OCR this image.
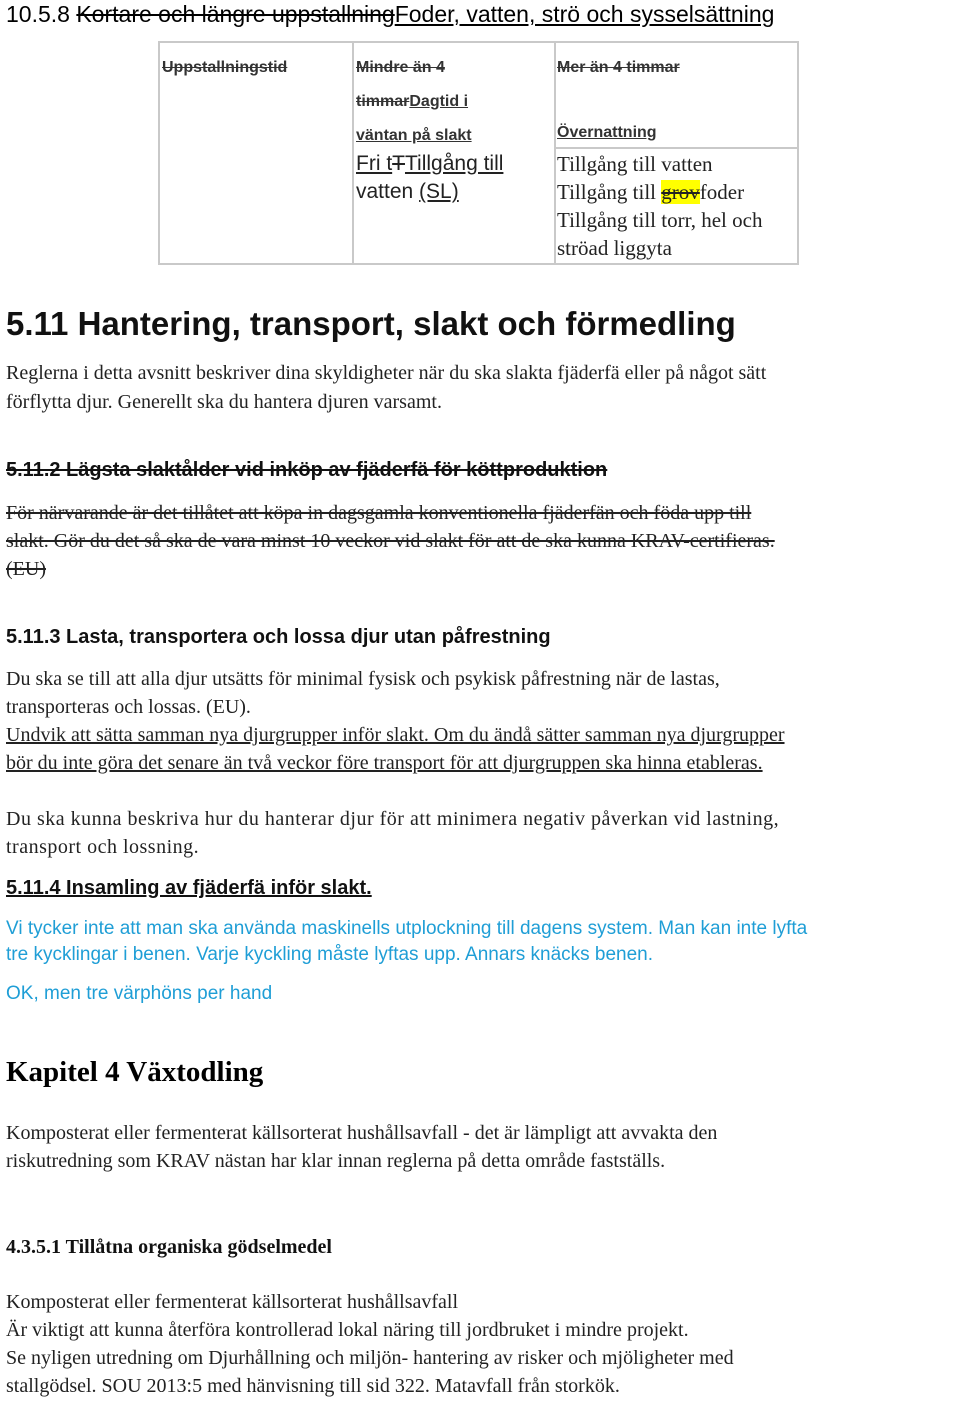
10.5.8 Kortare och längre uppstallningFoder, vatten, strö och sysselsättning
Uppstallningstid	Mindre än 4
timmarDagtid i
väntan på slakt
Mer än 4 timmar
Övernattning
Fri tTTillgång till
vatten (SL)
Tillgång till vatten
Tillgång till grovfoder
Tillgång till torr, hel och
ströad liggyta
5.11 Hantering, transport, slakt och förmedling
Reglerna i detta avsnitt beskriver dina skyldigheter när du ska slakta fjäderfä eller på något sätt
förflytta djur. Generellt ska du hantera djuren varsamt.
5.11.2 Lägsta slaktålder vid inköp av fjäderfä för köttproduktion
För närvarande är det tillåtet att köpa in dagsgamla konventionella fjäderfän och föda upp till
slakt. Gör du det så ska de vara minst 10 veckor vid slakt för att de ska kunna KRAV-certifieras.
(EU)
5.11.3 Lasta, transportera och lossa djur utan påfrestning
Du ska se till att alla djur utsätts för minimal fysisk och psykisk påfrestning när de lastas,
transporteras och lossas. (EU).
Undvik att sätta samman nya djurgrupper inför slakt. Om du ändå sätter samman nya djurgrupper
bör du inte göra det senare än två veckor före transport för att djurgruppen ska hinna etableras.
Du ska kunna beskriva hur du hanterar djur för att minimera negativ påverkan vid lastning,
transport och lossning.
5.11.4 Insamling av fjäderfä inför slakt.
Vi tycker inte att man ska använda maskinells utplockning till dagens system. Man kan inte lyfta
tre kycklingar i benen. Varje kyckling måste lyftas upp. Annars knäcks benen.
OK, men tre värphöns per hand
Kapitel 4 Växtodling
Komposterat eller fermenterat källsorterat hushållsavfall - det är lämpligt att avvakta den
riskutredning som KRAV nästan har klar innan reglerna på detta område fastställs.
4.3.5.1 Tillåtna organiska gödselmedel
Komposterat eller fermenterat källsorterat hushållsavfall
Är viktigt att kunna återföra kontrollerad lokal näring till jordbruket i mindre projekt.
Se nyligen utredning om Djurhållning och miljön- hantering av risker och mjöligheter med
stallgödsel. SOU 2013:5 med hänvisning till sid 322. Matavfall från storkök.
